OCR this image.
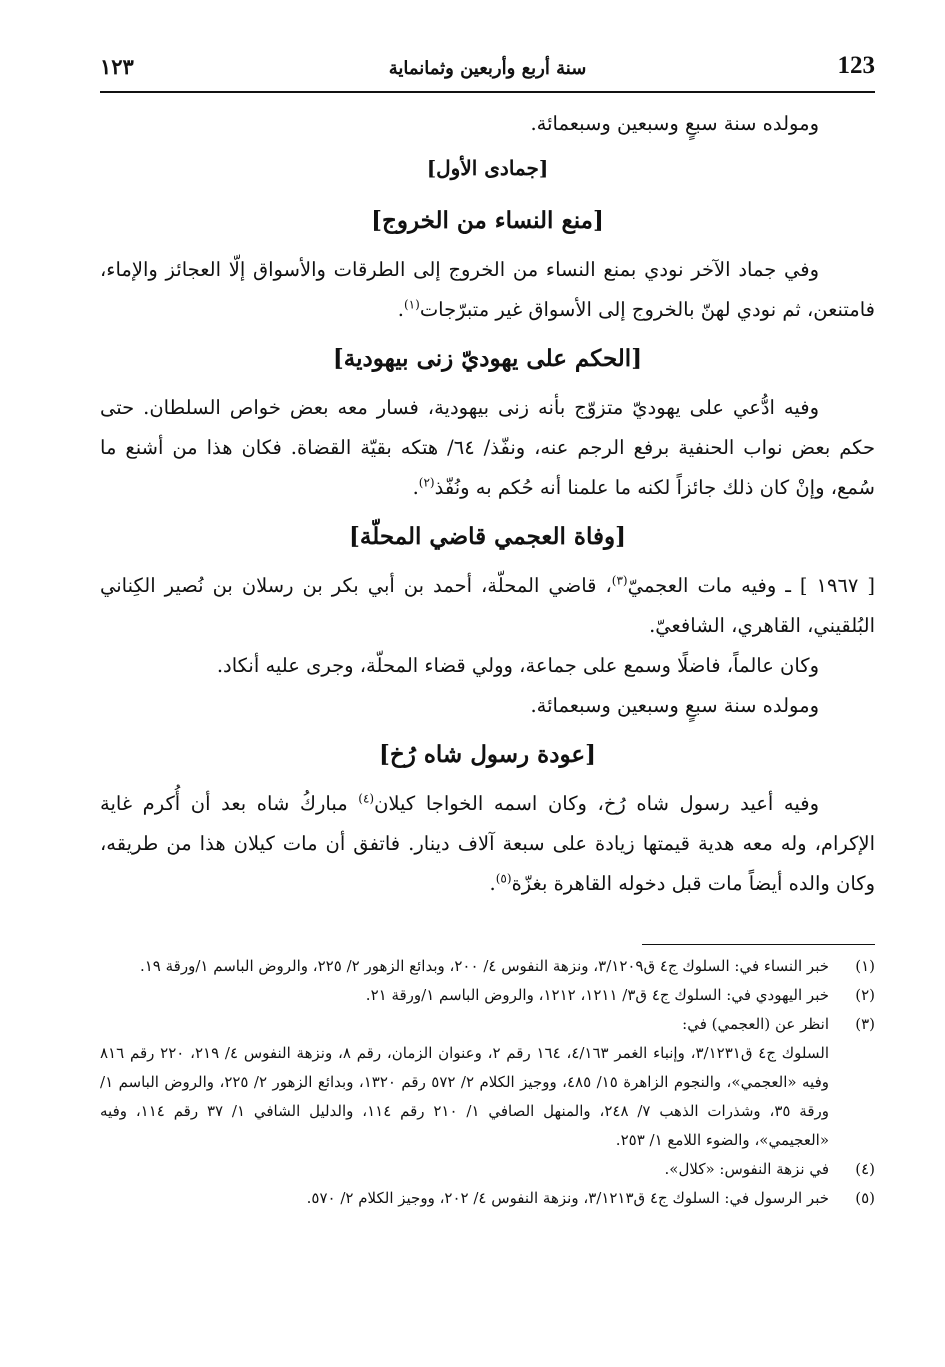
123
سنة أربع وأربعين وثمانماية
١٢٣

ومولده سنة سبعٍ وسبعين وسبعمائة.

[جمادى الأول]
[منع النساء من الخروج]

وفي جماد الآخر نودي بمنع النساء من الخروج إلى الطرقات والأسواق إلّا العجائز والإماء، فامتنعن، ثم نودي لهنّ بالخروج إلى الأسواق غير متبرّجات$^{(١)}$.

[الحكم على يهوديّ زنى بيهودية]

وفيه ادُّعي على يهوديّ متزوّج بأنه زنى بيهودية، فسار معه بعض خواص السلطان. حتى حكم بعض نواب الحنفية برفع الرجم عنه، ونفّذ/ ٦٤/ هتكه بقيّة القضاة. فكان هذا من أشنع ما سُمع، وإنْ كان ذلك جائزاً لكنه ما علمنا أنه حُكم به ونُفّذ$^{(٢)}$.

[وفاة العجمي قاضي المحلّة]

[ ١٩٦٧ ] ـ وفيه مات العجميّ$^{(٣)}$، قاضي المحلّة، أحمد بن أبي بكر بن رسلان بن نُصير الكِناني البُلقيني، القاهري، الشافعيّ.

وكان عالماً، فاضلًا وسمع على جماعة، وولي قضاء المحلّة، وجرى عليه أنكاد.

ومولده سنة سبعٍ وسبعين وسبعمائة.

[عودة رسول شاه رُخ]

وفيه أعيد رسول شاه رُخ، وكان اسمه الخواجا كيلان$^{(٤)}$ مباركُ شاه بعد أن أُكرم غاية الإكرام، وله معه هدية قيمتها زيادة على سبعة آلاف دينار. فاتفق أن مات كيلان هذا من طريقه، وكان والده أيضاً مات قبل دخوله القاهرة بغزّة$^{(٥)}$.

(١)
خبر النساء في: السلوك ج٤ ق٣/١٢٠٩، ونزهة النفوس ٤/ ٢٠٠، وبدائع الزهور ٢/ ٢٢٥، والروض الباسم ١/ورقة ١٩.
(٢)
خبر اليهودي في: السلوك ج٤ ق٣/ ١٢١١، ١٢١٢، والروض الباسم ١/ورقة ٢١.
(٣)
انظر عن (العجمي) في:
السلوك ج٤ ق٣/١٢٣١، وإنباء الغمر ٤/١٦٣، ١٦٤ رقم ٢، وعنوان الزمان، رقم ٨، ونزهة النفوس ٤/ ٢١٩، ٢٢٠ رقم ٨١٦ وفيه «العجمي»، والنجوم الزاهرة ١٥/ ٤٨٥، ووجيز الكلام ٢/ ٥٧٢ رقم ١٣٢٠، وبدائع الزهور ٢/ ٢٢٥، والروض الباسم ١/ورقة ٣٥، وشذرات الذهب ٧/ ٢٤٨، والمنهل الصافي ١/ ٢١٠ رقم ١١٤، والدليل الشافي ١/ ٣٧ رقم ١١٤، وفيه «العجيمي»، والضوء اللامع ١/ ٢٥٣.
(٤)
في نزهة النفوس: «كلال».
(٥)
خبر الرسول في: السلوك ج٤ ق٣/١٢١٣، ونزهة النفوس ٤/ ٢٠٢، ووجيز الكلام ٢/ ٥٧٠.
